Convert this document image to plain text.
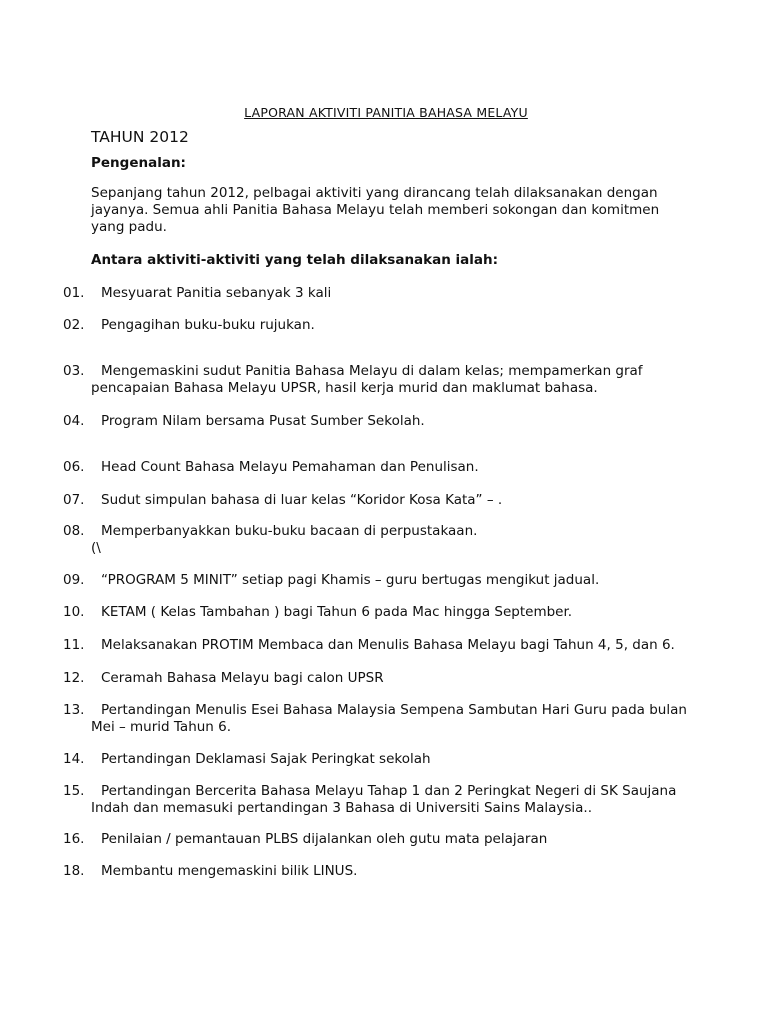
LAPORAN AKTIVITI PANITIA BAHASA MELAYU
TAHUN 2012
Pengenalan:
Sepanjang tahun 2012, pelbagai aktiviti yang dirancang telah dilaksanakan dengan jayanya. Semua ahli Panitia Bahasa Melayu telah memberi sokongan dan komitmen yang padu.
Antara aktiviti-aktiviti yang telah dilaksanakan ialah:
01.	Mesyuarat Panitia sebanyak 3 kali
02.	Pengagihan buku-buku rujukan.
03.	Mengemaskini sudut Panitia Bahasa Melayu di dalam kelas; mempamerkan graf pencapaian Bahasa Melayu UPSR, hasil kerja murid dan maklumat bahasa.
04.	Program Nilam bersama Pusat Sumber Sekolah.
06.	Head Count Bahasa Melayu Pemahaman dan Penulisan.
07.	Sudut simpulan bahasa di luar kelas “Koridor Kosa Kata” – .
08.	Memperbanyakkan buku-buku bacaan di perpustakaan.
(\
09.	“PROGRAM 5 MINIT” setiap pagi Khamis – guru bertugas mengikut jadual.
10.	KETAM ( Kelas Tambahan ) bagi Tahun 6 pada Mac hingga September.
11.	Melaksanakan PROTIM Membaca dan Menulis Bahasa Melayu bagi Tahun 4, 5, dan 6.
12.	Ceramah Bahasa Melayu bagi calon UPSR
13.	Pertandingan Menulis Esei Bahasa Malaysia Sempena Sambutan Hari Guru pada bulan Mei – murid Tahun 6.
14.	Pertandingan Deklamasi Sajak Peringkat sekolah
15.	Pertandingan Bercerita Bahasa Melayu Tahap 1 dan 2 Peringkat Negeri di SK Saujana Indah dan memasuki pertandingan 3 Bahasa di Universiti Sains Malaysia..
16.	Penilaian / pemantauan PLBS dijalankan oleh gutu mata pelajaran
18.	Membantu mengemaskini bilik LINUS.
